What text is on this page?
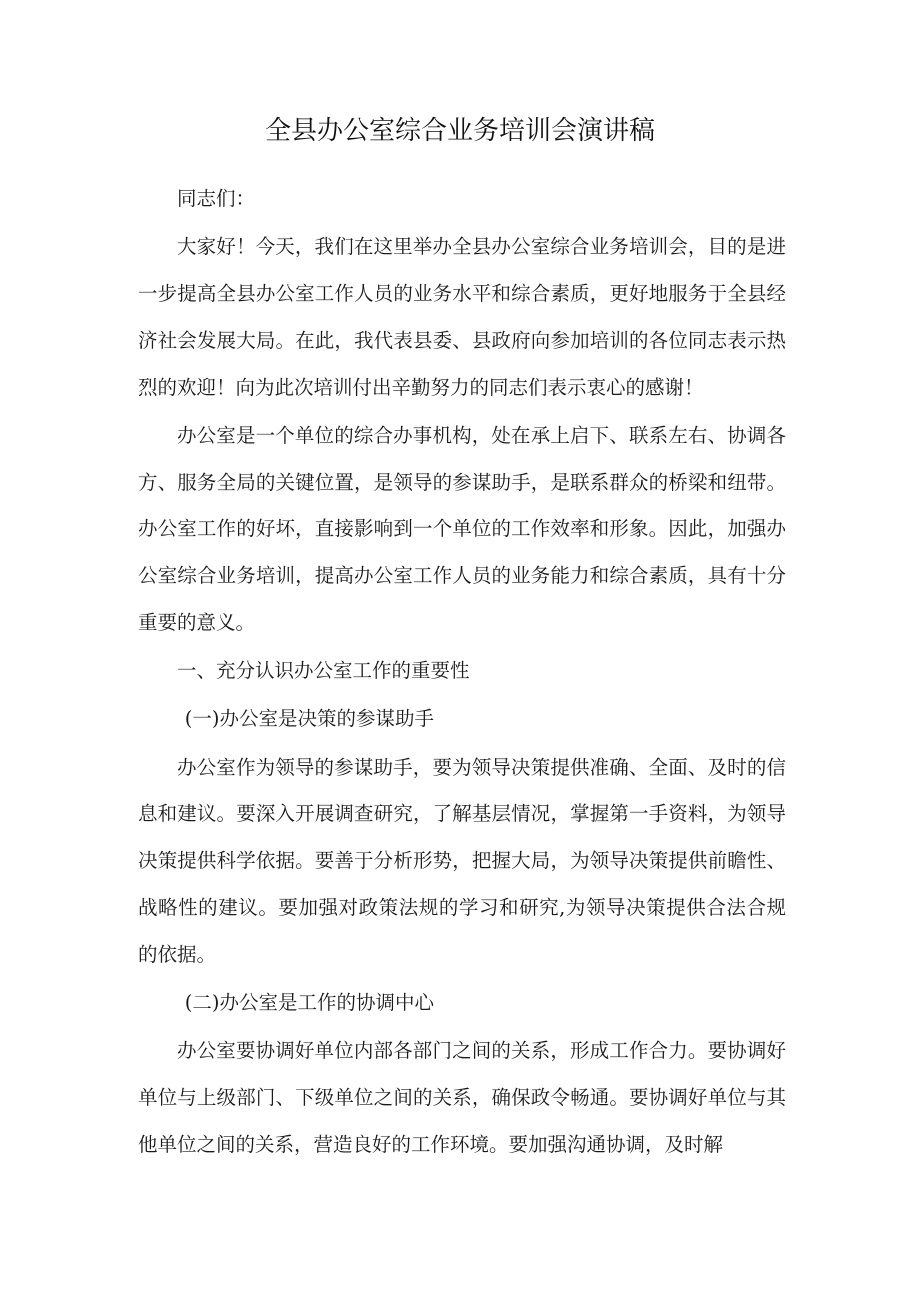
全县办公室综合业务培训会演讲稿

同志们：

大家好！今天，我们在这里举办全县办公室综合业务培训会，目的是进一步提高全县办公室工作人员的业务水平和综合素质，更好地服务于全县经济社会发展大局。在此，我代表县委、县政府向参加培训的各位同志表示热烈的欢迎！向为此次培训付出辛勤努力的同志们表示衷心的感谢！

办公室是一个单位的综合办事机构，处在承上启下、联系左右、协调各方、服务全局的关键位置，是领导的参谋助手，是联系群众的桥梁和纽带。办公室工作的好坏，直接影响到一个单位的工作效率和形象。因此，加强办公室综合业务培训，提高办公室工作人员的业务能力和综合素质，具有十分重要的意义。

一、充分认识办公室工作的重要性

(一)办公室是决策的参谋助手

办公室作为领导的参谋助手，要为领导决策提供准确、全面、及时的信息和建议。要深入开展调查研究，了解基层情况，掌握第一手资料，为领导决策提供科学依据。要善于分析形势，把握大局，为领导决策提供前瞻性、战略性的建议。要加强对政策法规的学习和研究,为领导决策提供合法合规的依据。

(二)办公室是工作的协调中心

办公室要协调好单位内部各部门之间的关系，形成工作合力。要协调好单位与上级部门、下级单位之间的关系，确保政令畅通。要协调好单位与其他单位之间的关系，营造良好的工作环境。要加强沟通协调，及时解
